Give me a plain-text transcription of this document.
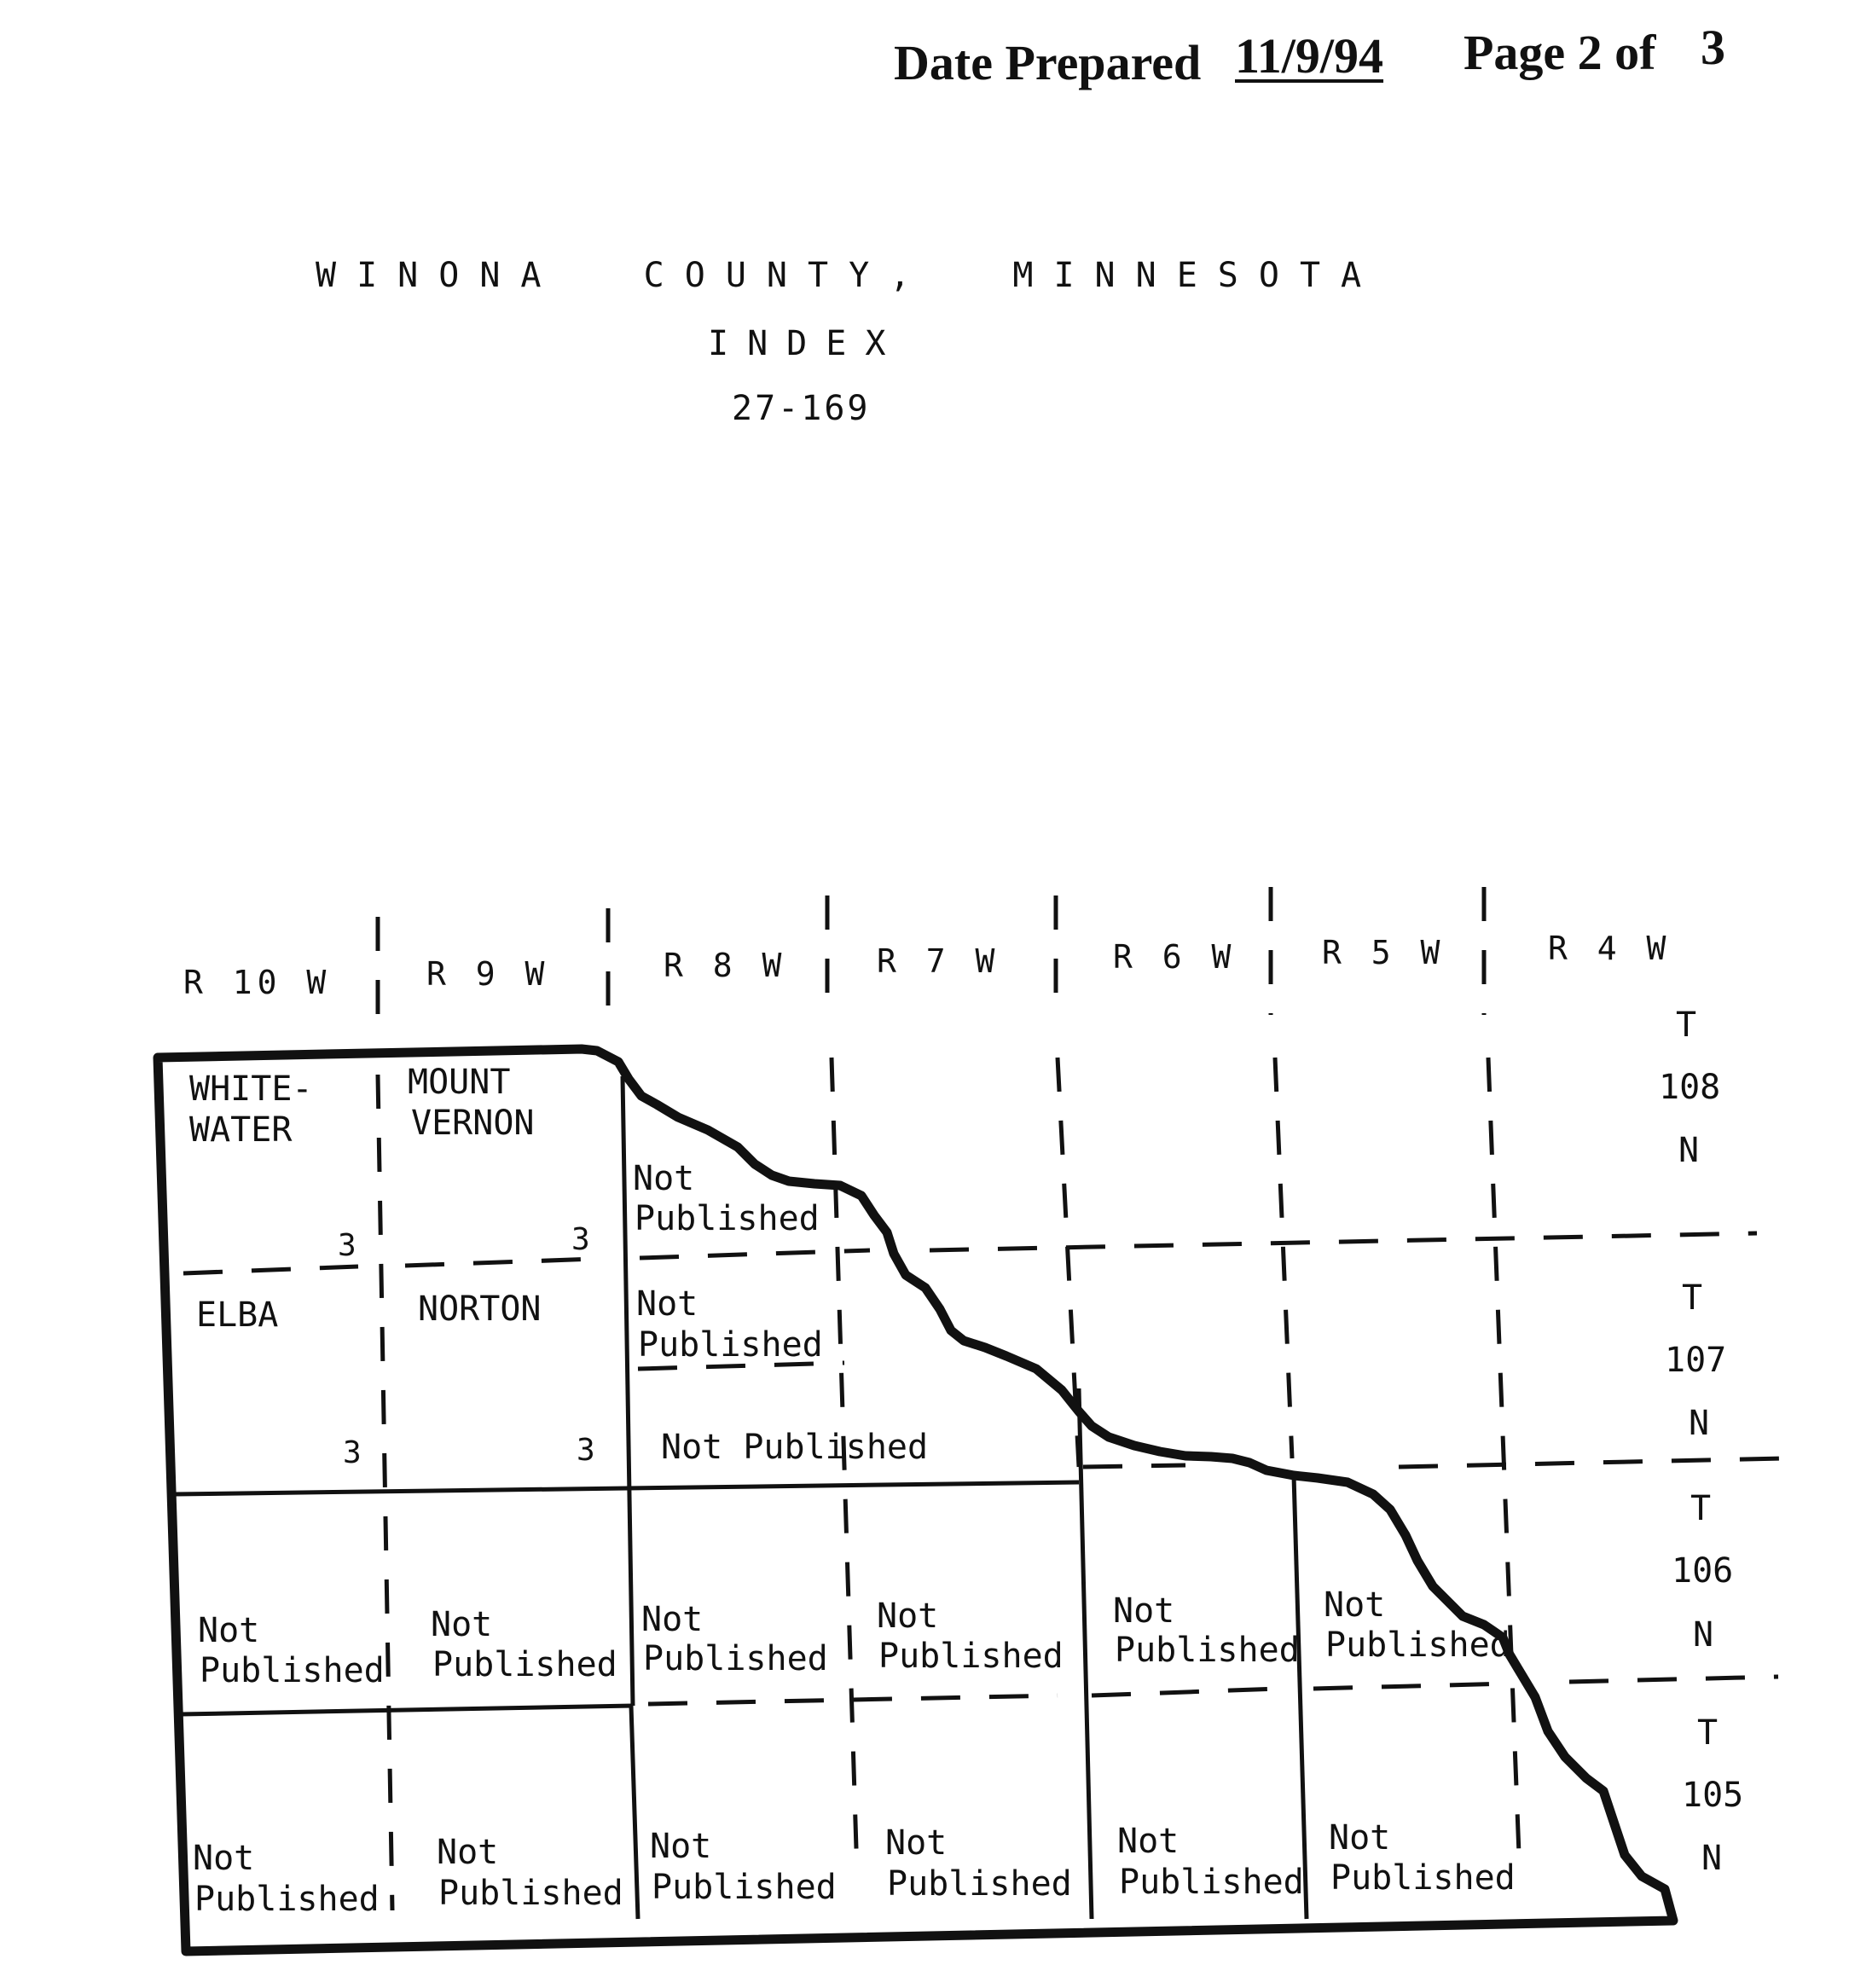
Date Prepared 11/9/94 Page 2 of 3
WINONA  COUNTY,  MINNESOTA
INDEX
27-169
R 10 W	R 9 W	R 8 W	R 7 W	R 6 W	R 5 W	R 4 W
T
108
N
T
107
N
T
106
N
T
105
N
WHITE-
WATER
3
MOUNT
VERNON
3
ELBA
3
NORTON
3
Not
Published
Not
Published
Not Published
Not
Published
Not
Published
Not
Published
Not
Published
Not
Published
Not
Published
Not
Published
Not
Published
Not
Published
Not
Published
Not
Published
Not
Published
